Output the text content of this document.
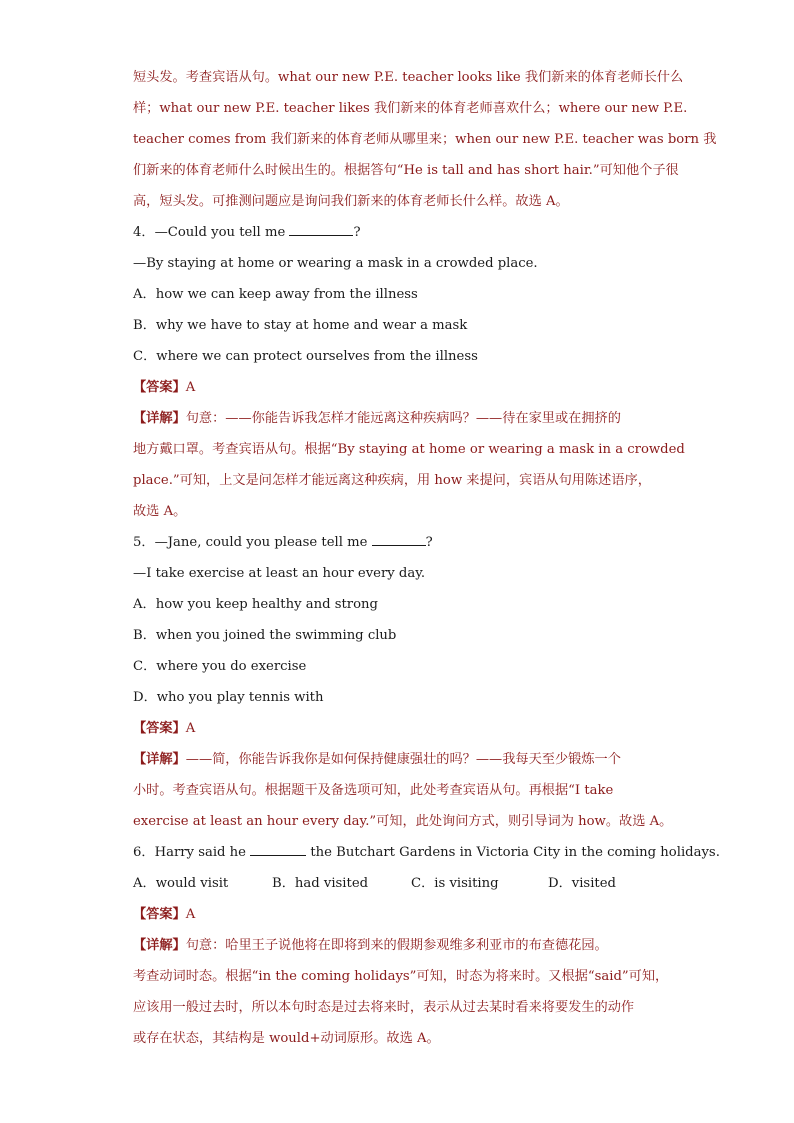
短头发。考查宾语从句。what our new P.E. teacher looks like 我们新来的体育老师长什么
样；what our new P.E. teacher likes 我们新来的体育老师喜欢什么；where our new P.E.
teacher comes from 我们新来的体育老师从哪里来；when our new P.E. teacher was born 我
们新来的体育老师什么时候出生的。根据答句“He is tall and has short hair.”可知他个子很
高，短头发。可推测问题应是询问我们新来的体育老师长什么样。故选 A。
4．—Could you tell me	?
—By staying at home or wearing a mask in a crowded place.
A．how we can keep away from the illness
B．why we have to stay at home and wear a mask
C．where we can protect ourselves from the illness
【答案】A
【详解】句意：——你能告诉我怎样才能远离这种疾病吗？——待在家里或在拥挤的
地方戴口罩。考查宾语从句。根据“By staying at home or wearing a mask in a crowded
place.”可知，上文是问怎样才能远离这种疾病，用 how 来提问，宾语从句用陈述语序，
故选 A。
5．—Jane, could you please tell me	?
—I take exercise at least an hour every day.
A．how you keep healthy and strong
B．when you joined the swimming club
C．where you do exercise
D．who you play tennis with
【答案】A
【详解】——简，你能告诉我你是如何保持健康强壮的吗？——我每天至少锻炼一个
小时。考查宾语从句。根据题干及备选项可知，此处考查宾语从句。再根据“I take
exercise at least an hour every day.”可知，此处询问方式，则引导词为 how。故选 A。
6．Harry said he	the Butchart Gardens in Victoria City in the coming holidays.
A．would visit	B．had visited	C．is visiting	D．visited
【答案】A
【详解】句意：哈里王子说他将在即将到来的假期参观维多利亚市的布查德花园。
考查动词时态。根据“in the coming holidays”可知，时态为将来时。又根据“said”可知，
应该用一般过去时，所以本句时态是过去将来时，表示从过去某时看来将要发生的动作
或存在状态，其结构是 would+动词原形。故选 A。
